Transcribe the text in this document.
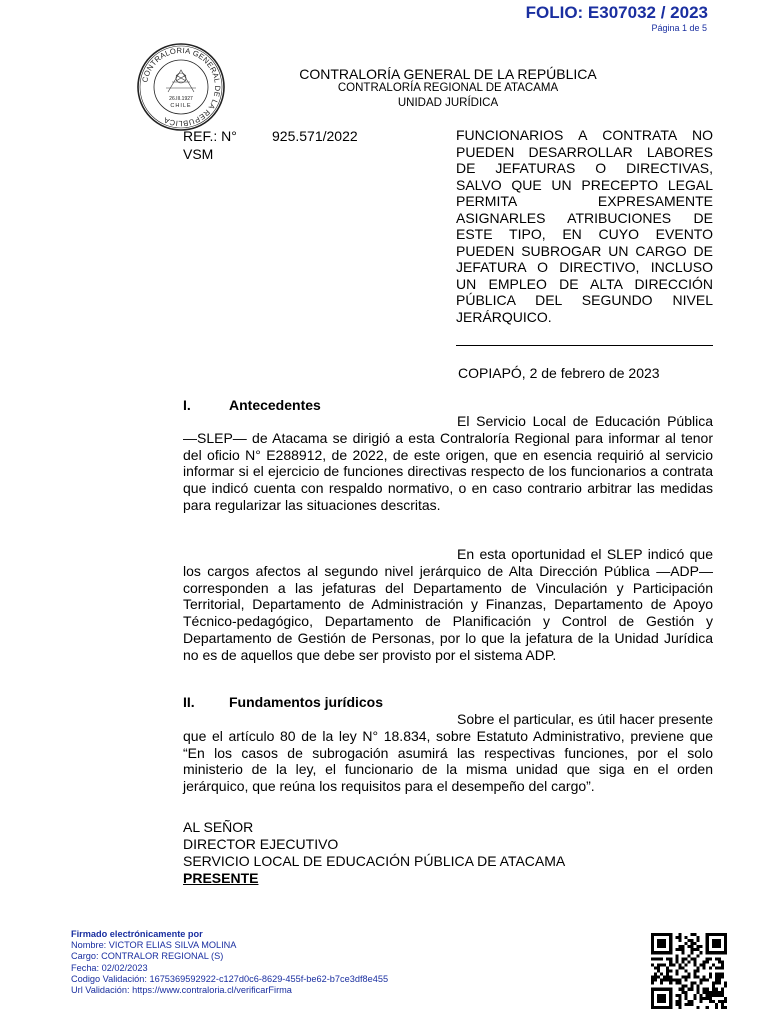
FOLIO: E307032 / 2023
Página 1 de 5
CONTRALORIA GENERAL DE LA REPUBLICA
26.III.1927
CHILE
CONTRALORÍA GENERAL DE LA REPÚBLICA
CONTRALORÍA REGIONAL DE ATACAMA
UNIDAD JURÍDICA
REF.: N°	925.571/2022
VSM
FUNCIONARIOS A CONTRATA NO PUEDEN DESARROLLAR LABORES DE JEFATURAS O DIRECTIVAS, SALVO QUE UN PRECEPTO LEGAL PERMITA EXPRESAMENTE ASIGNARLES ATRIBUCIONES DE ESTE TIPO, EN CUYO EVENTO PUEDEN SUBROGAR UN CARGO DE JEFATURA O DIRECTIVO, INCLUSO UN EMPLEO DE ALTA DIRECCIÓN PÚBLICA DEL SEGUNDO NIVEL JERÁRQUICO.
COPIAPÓ, 2 de febrero de 2023
I.	Antecedentes

El Servicio Local de Educación Pública —SLEP— de Atacama se dirigió a esta Contraloría Regional para informar al tenor del oficio N° E288912, de 2022, de este origen, que en esencia requirió al servicio informar si el ejercicio de funciones directivas respecto de los funcionarios a contrata que indicó cuenta con respaldo normativo, o en caso contrario arbitrar las medidas para regularizar las situaciones descritas.

En esta oportunidad el SLEP indicó que los cargos afectos al segundo nivel jerárquico de Alta Dirección Pública —ADP— corresponden a las jefaturas del Departamento de Vinculación y Participación Territorial, Departamento de Administración y Finanzas, Departamento de Apoyo Técnico-pedagógico, Departamento de Planificación y Control de Gestión y Departamento de Gestión de Personas, por lo que la jefatura de la Unidad Jurídica no es de aquellos que debe ser provisto por el sistema ADP.

II. Fundamentos jurídicos

Sobre el particular, es útil hacer presente que el artículo 80 de la ley N° 18.834, sobre Estatuto Administrativo, previene que “En los casos de subrogación asumirá las respectivas funciones, por el solo ministerio de la ley, el funcionario de la misma unidad que siga en el orden jerárquico, que reúna los requisitos para el desempeño del cargo”.

AL SEÑOR
DIRECTOR EJECUTIVO
SERVICIO LOCAL DE EDUCACIÓN PÚBLICA DE ATACAMA
PRESENTE
Firmado electrónicamente por
Nombre: VICTOR ELIAS SILVA MOLINA
Cargo: CONTRALOR REGIONAL (S)
Fecha: 02/02/2023
Codigo Validación: 1675369592922-c127d0c6-8629-455f-be62-b7ce3df8e455
Url Validación: https://www.contraloria.cl/verificarFirma
